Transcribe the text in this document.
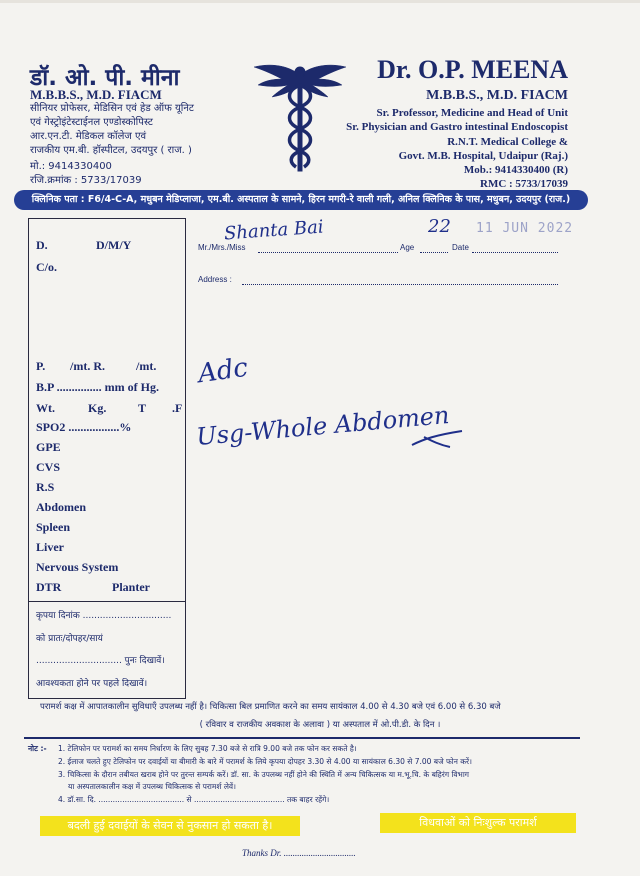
डॉ. ओ. पी. मीना
M.B.B.S., M.D. FIACM
सीनियर प्रोफेसर, मेडिसिन एवं हेड ऑफ यूनिट
एवं गेस्ट्रोइंटेस्टाईनल एण्डोस्कोपिस्ट
आर.एन.टी. मेडिकल कॉलेज एवं
राजकीय एम.बी. हॉस्पीटल, उदयपुर ( राज. )
मो.: 9414330400
रजि.क्रमांक : 5733/17039
Dr. O.P. MEENA
M.B.B.S., M.D. FIACM
Sr. Professor, Medicine and Head of Unit
Sr. Physician and Gastro intestinal Endoscopist
R.N.T. Medical College &
Govt. M.B. Hospital, Udaipur (Raj.)
Mob.: 9414330400 (R)
RMC : 5733/17039
क्लिनिक पता : F6/4-C-A, मधुबन मेडिप्लाजा, एम.बी. अस्पताल के सामने, हिरन मगरी-रे वाली गली, अनिल क्लिनिक के पास, मधुबन, उदयपुर (राज.)
D.	D/M/Y
C/o.
P. /mt. R.	/mt.
B.P ............... mm of Hg.
Wt.	Kg.	T .F
SPO2 .................%
GPE
CVS
R.S
Abdomen
Spleen
Liver
Nervous System
DTR	Planter
कृपया दिनांक ...............................
को प्रातः/दोपहर/सायं
.............................. पुनः दिखावें।
आवश्यकता होने पर पहले दिखावें।
Mr./Mrs./Miss	Age	Date
Address :
Shanta Bai	22 11 JUN 2022
Adc
Usg-Whole Abdomen
परामर्श कक्ष में आपातकालीन सुविधाएँ उपलब्ध नहीं है। चिकित्सा बिल प्रमाणित करने का समय सायंकाल 4.00 से 4.30 बजे एवं 6.00 से 6.30 बजे
( रविवार व राजकीय अवकाश के अलावा ) या अस्पताल में ओ.पी.डी. के दिन ।
नोट :- 1. टेलिफोन पर परामर्श का समय निर्धारण के लिए सुबह 7.30 बजे से रात्रि 9.00 बजे तक फोन कर सकते है।
2. ईलाज चलते हुए टेलिफोन पर दवाईयों या बीमारी के बारे में परामर्श के लिये कृपया दोपहर 3.30 से 4.00 या सायंकाल 6.30 से 7.00 बजे फोन करें।
3. चिकित्सा के दौरान तबीयत खराब होने पर तुरन्त सम्पर्क करें। डॉ. सा. के उपलब्ध नहीं होने की स्थिति में अन्य चिकित्सक या म.भू.चि. के बहिरंग विभाग
या अस्पतालकालीन कक्ष में उपलब्ध चिकित्सक से परामर्श लेवें।
4. डॉ.सा. दि. .................................... से ...................................... तक बाहर रहेंगे।
बदली हुई दवाईयों के सेवन से नुकसान हो सकता है।	विधवाओं को निःशुल्क परामर्श
Thanks Dr. ................................
